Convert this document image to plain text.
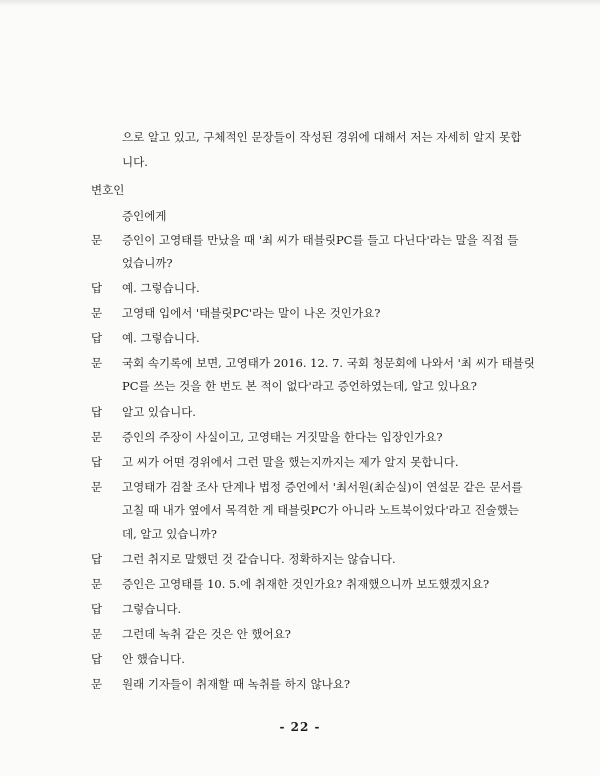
으로 알고 있고, 구체적인 문장들이 작성된 경위에 대해서 저는 자세히 알지 못합
니다.
변호인
증인에게
문 증인이 고영태를 만났을 때 '최 씨가 태블릿PC를 들고 다닌다'라는 말을 직접 들
었습니까?
답 예. 그렇습니다.
문 고영태 입에서 '태블릿PC'라는 말이 나온 것인가요?
답 예. 그렇습니다.
문 국회 속기록에 보면, 고영태가 2016. 12. 7. 국회 청문회에 나와서 '최 씨가 태블릿
PC를 쓰는 것을 한 번도 본 적이 없다'라고 증언하였는데, 알고 있나요?
답 알고 있습니다.
문 증인의 주장이 사실이고, 고영태는 거짓말을 한다는 입장인가요?
답 고 씨가 어떤 경위에서 그런 말을 했는지까지는 제가 알지 못합니다.
문 고영태가 검찰 조사 단계나 법정 증언에서 '최서원(최순실)이 연설문 같은 문서를
고칠 때 내가 옆에서 목격한 게 태블릿PC가 아니라 노트북이었다'라고 진술했는
데, 알고 있습니까?
답 그런 취지로 말했던 것 같습니다. 정확하지는 않습니다.
문 증인은 고영태를 10. 5.에 취재한 것인가요? 취재했으니까 보도했겠지요?
답 그렇습니다.
문 그런데 녹취 같은 것은 안 했어요?
답 안 했습니다.
문 원래 기자들이 취재할 때 녹취를 하지 않나요?
- 22 -
